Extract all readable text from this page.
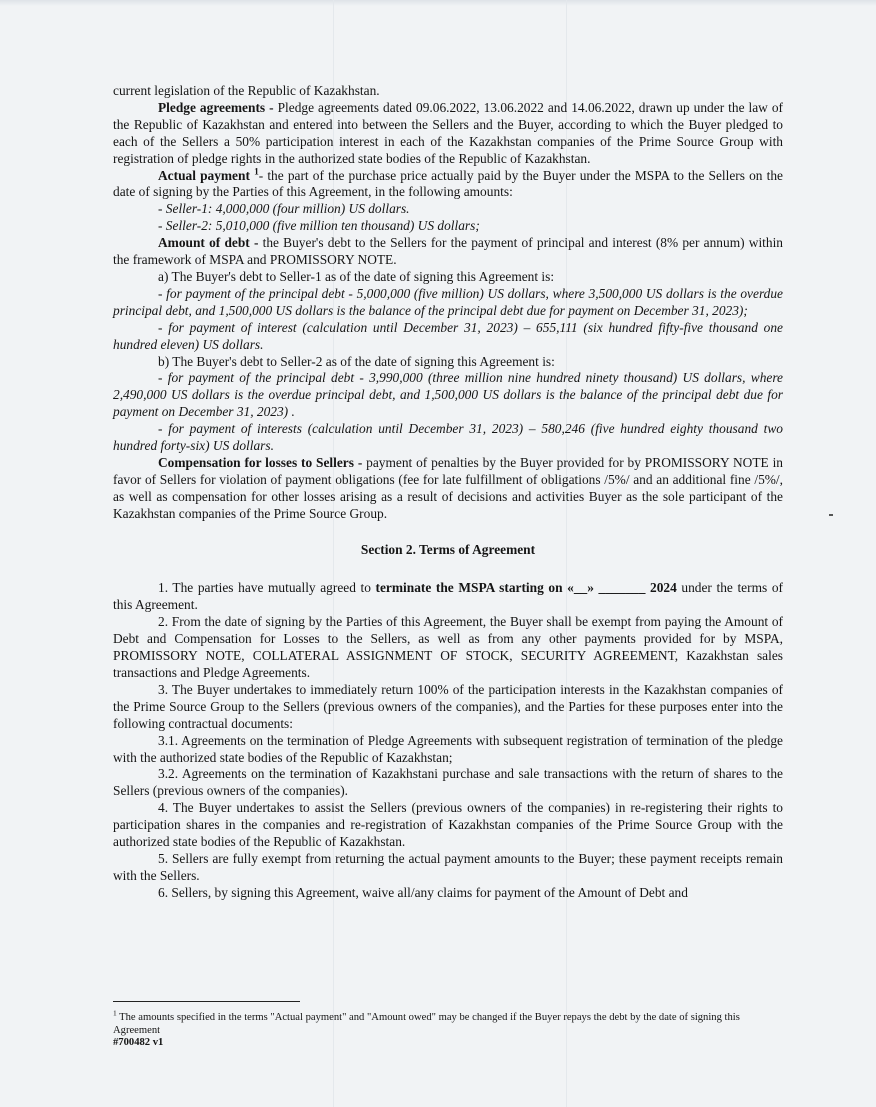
current legislation of the Republic of Kazakhstan.

Pledge agreements - Pledge agreements dated 09.06.2022, 13.06.2022 and 14.06.2022, drawn up under the law of the Republic of Kazakhstan and entered into between the Sellers and the Buyer, according to which the Buyer pledged to each of the Sellers a 50% participation interest in each of the Kazakhstan companies of the Prime Source Group with registration of pledge rights in the authorized state bodies of the Republic of Kazakhstan.

Actual payment $^1$- the part of the purchase price actually paid by the Buyer under the MSPA to the Sellers on the date of signing by the Parties of this Agreement, in the following amounts:

- Seller-1: 4,000,000 (four million) US dollars.

- Seller-2: 5,010,000 (five million ten thousand) US dollars;

Amount of debt - the Buyer's debt to the Sellers for the payment of principal and interest (8% per annum) within the framework of MSPA and PROMISSORY NOTE.

a) The Buyer's debt to Seller-1 as of the date of signing this Agreement is:

- for payment of the principal debt - 5,000,000 (five million) US dollars, where 3,500,000 US dollars is the overdue principal debt, and 1,500,000 US dollars is the balance of the principal debt due for payment on December 31, 2023);

- for payment of interest (calculation until December 31, 2023) – 655,111 (six hundred fifty-five thousand one hundred eleven) US dollars.

b) The Buyer's debt to Seller-2 as of the date of signing this Agreement is:

- for payment of the principal debt - 3,990,000 (three million nine hundred ninety thousand) US dollars, where 2,490,000 US dollars is the overdue principal debt, and 1,500,000 US dollars is the balance of the principal debt due for payment on December 31, 2023) .

- for payment of interests (calculation until December 31, 2023) – 580,246 (five hundred eighty thousand two hundred forty-six) US dollars.

Compensation for losses to Sellers - payment of penalties by the Buyer provided for by PROMISSORY NOTE in favor of Sellers for violation of payment obligations (fee for late fulfillment of obligations /5%/ and an additional fine /5%/, as well as compensation for other losses arising as a result of decisions and activities Buyer as the sole participant of the Kazakhstan companies of the Prime Source Group.

Section 2. Terms of Agreement

1. The parties have mutually agreed to terminate the MSPA starting on «__» _______ 2024 under the terms of this Agreement.

2. From the date of signing by the Parties of this Agreement, the Buyer shall be exempt from paying the Amount of Debt and Compensation for Losses to the Sellers, as well as from any other payments provided for by MSPA, PROMISSORY NOTE, COLLATERAL ASSIGNMENT OF STOCK, SECURITY AGREEMENT, Kazakhstan sales transactions and Pledge Agreements.

3. The Buyer undertakes to immediately return 100% of the participation interests in the Kazakhstan companies of the Prime Source Group to the Sellers (previous owners of the companies), and the Parties for these purposes enter into the following contractual documents:

3.1. Agreements on the termination of Pledge Agreements with subsequent registration of termination of the pledge with the authorized state bodies of the Republic of Kazakhstan;

3.2. Agreements on the termination of Kazakhstani purchase and sale transactions with the return of shares to the Sellers (previous owners of the companies).

4. The Buyer undertakes to assist the Sellers (previous owners of the companies) in re-registering their rights to participation shares in the companies and re-registration of Kazakhstan companies of the Prime Source Group with the authorized state bodies of the Republic of Kazakhstan.

5. Sellers are fully exempt from returning the actual payment amounts to the Buyer; these payment receipts remain with the Sellers.

6. Sellers, by signing this Agreement, waive all/any claims for payment of the Amount of Debt and

$^1$ The amounts specified in the terms "Actual payment" and "Amount owed" may be changed if the Buyer repays the debt by the date of signing this Agreement

#700482 v1
